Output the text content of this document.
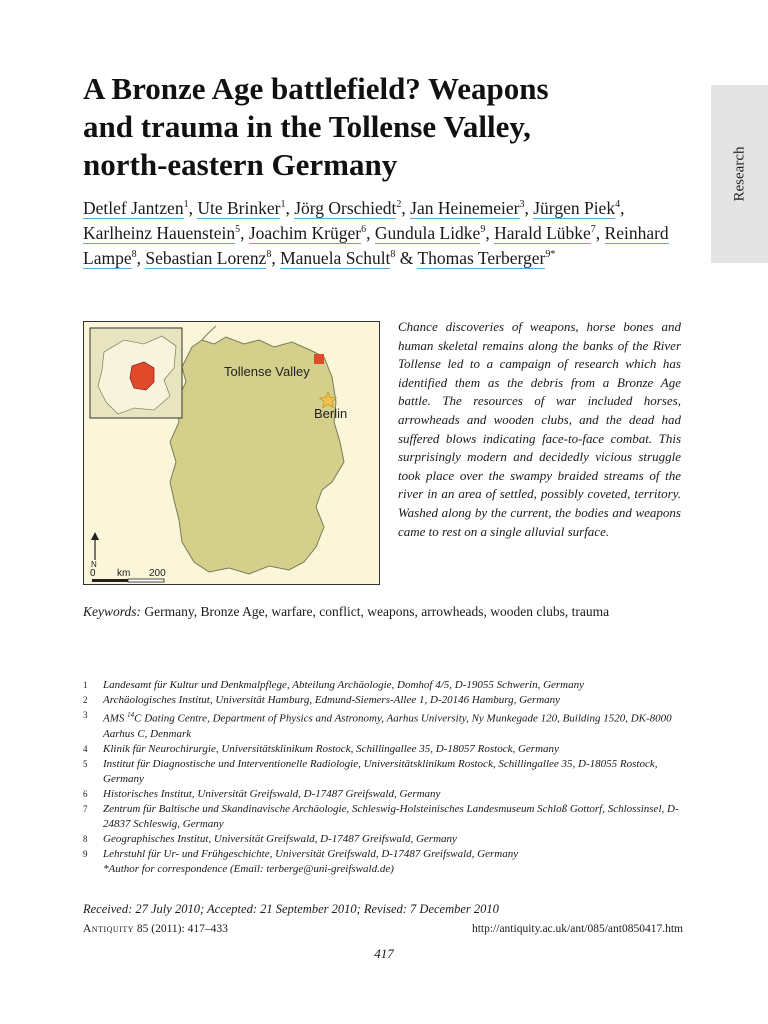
A Bronze Age battlefield? Weapons
and trauma in the Tollense Valley,
north-eastern Germany	Research
Detlef Jantzen$^1$, Ute Brinker$^1$, Jörg Orschiedt$^2$, Jan Heinemeier$^3$, Jürgen Piek$^4$, Karlheinz Hauenstein$^5$, Joachim Krüger$^6$, Gundula Lidke$^9$, Harald Lübke$^7$, Reinhard Lampe$^8$, Sebastian Lorenz$^8$, Manuela Schult$^8$ & Thomas Terberger$^{9*}$
Tollense Valley
Berlin
N
0 km 200
Chance discoveries of weapons, horse bones and human skeletal remains along the banks of the River Tollense led to a campaign of research which has identified them as the debris from a Bronze Age battle. The resources of war included horses, arrowheads and wooden clubs, and the dead had suffered blows indicating face-to-face combat. This surprisingly modern and decidedly vicious struggle took place over the swampy braided streams of the river in an area of settled, possibly coveted, territory. Washed along by the current, the bodies and weapons came to rest on a single alluvial surface.
Keywords: Germany, Bronze Age, warfare, conflict, weapons, arrowheads, wooden clubs, trauma
1	Landesamt für Kultur und Denkmalpflege, Abteilung Archäologie, Domhof 4/5, D-19055 Schwerin, Germany
2	Archäologisches Institut, Universität Hamburg, Edmund-Siemers-Allee 1, D-20146 Hamburg, Germany
3	AMS $^{14}$C Dating Centre, Department of Physics and Astronomy, Aarhus University, Ny Munkegade 120, Building 1520, DK-8000 Aarhus C, Denmark
4	Klinik für Neurochirurgie, Universitätsklinikum Rostock, Schillingallee 35, D-18057 Rostock, Germany
5	Institut für Diagnostische und Interventionelle Radiologie, Universitätsklinikum Rostock, Schillingallee 35, D-18055 Rostock, Germany
6	Historisches Institut, Universität Greifswald, D-17487 Greifswald, Germany
7	Zentrum für Baltische und Skandinavische Archäologie, Schleswig-Holsteinisches Landesmuseum Schloß Gottorf, Schlossinsel, D-24837 Schleswig, Germany
8	Geographisches Institut, Universität Greifswald, D-17487 Greifswald, Germany
9	Lehrstuhl für Ur- und Frühgeschichte, Universität Greifswald, D-17487 Greifswald, Germany
*Author for correspondence (Email: terberge@uni-greifswald.de)
Received: 27 July 2010; Accepted: 21 September 2010; Revised: 7 December 2010
Antiquity 85 (2011): 417–433	http://antiquity.ac.uk/ant/085/ant0850417.htm
417
